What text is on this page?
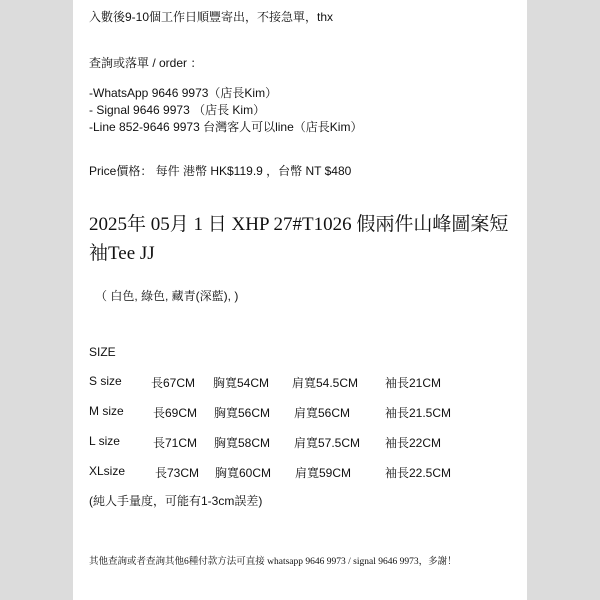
入數後9-10個工作日順豐寄出，不接急單，thx
查詢或落單 / order ：
-WhatsApp 9646 9973（店長Kim）
- Signal 9646 9973 （店長 Kim）
-Line 852-9646 9973 台灣客人可以line（店長Kim）
Price價格： 每件 港幣 HK$119.9 ，台幣 NT $480
2025年 05月 1 日 XHP 27#T1026 假兩件山峰圖案短袖Tee JJ
（ 白色, 綠色, 藏青(深藍), )
SIZE
S size 長67CM 胸寬54CM 肩寬54.5CM 袖長21CM
M size 長69CM 胸寬56CM 肩寬56CM	袖長21.5CM
L size	長71CM 胸寬58CM 肩寬57.5CM 袖長22CM
XLsize 長73CM 胸寬60CM 肩寬59CM	袖長22.5CM
(純人手量度，可能有1-3cm誤差)
其他查詢或者查詢其他6種付款方法可直接 whatsapp 9646 9973 / signal 9646 9973，多謝！
